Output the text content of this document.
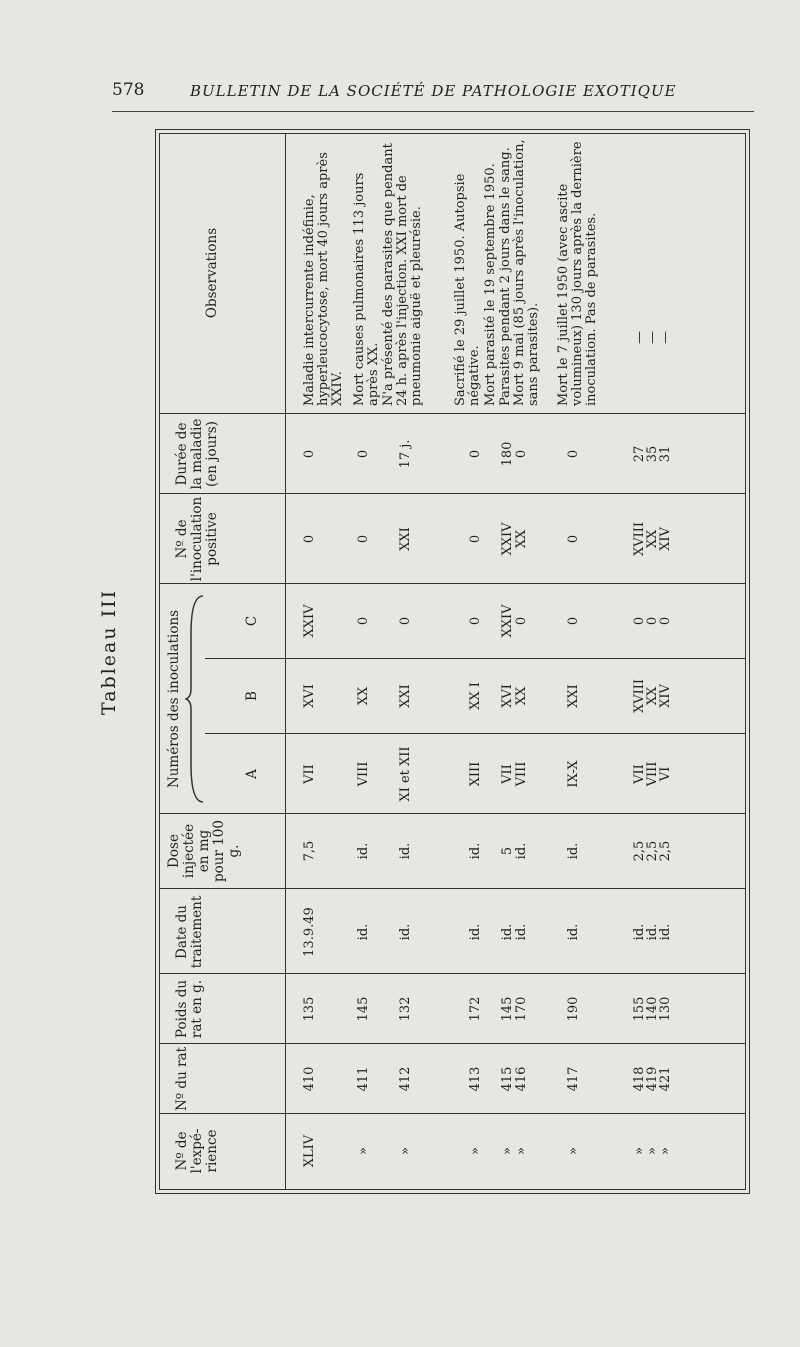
578	BULLETIN DE LA SOCIÉTÉ DE PATHOLOGIE EXOTIQUE
Tableau III
Nº de l'expé-rience
Nº du rat
Poids du rat en g.
Date du traitement
Dose injectée en mg pour 100 g.
Numéros des inoculations	A
B
C
Nº de l'inoculation positive
Durée de la maladie (en jours)
Observations
XLIV
410
135
13.9.49
7,5
VII
XVI
XXIV
0
0
Maladie intercurrente indéfinie, hyperleucocytose, mort 40 jours après XXIV.
»
411
145
id.
id.
VIII
XX
0
0
0
Mort causes pulmonaires 113 jours après XX.
»
412
132
id.
id.
XI et XII
XXI
0
XXI
17 j.
N'a présenté des parasites que pendant 24 h. après l'injection. XXI mort de pneumonie aiguë et pleurésie.
»
413
172
id.
id.
XIII
XX I
0
0
0
Sacrifié le 29 juillet 1950. Autopsie négative.
»
415
145
id.
5
VII
XVI
XXIV
XXIV
180
Mort parasité le 19 septembre 1950.
»
416
170
id.
id.
VIII
XX
0
XX
0
Parasites pendant 2 jours dans le sang. Mort 9 mai (85 jours après l'inoculation, sans parasites).
»
417
190
id.
id.
IX-X
XXI
0
0
0
Mort le 7 juillet 1950 (avec ascite volumineux) 130 jours après la dernière inoculation. Pas de parasites.
»
418
155
id.
2,5
VII
XVIII
0
XVIII
27
—
»
419
140
id.
2,5
VIII
XX
0
XX
35
—
»
421
130
id.
2,5
VI
XIV
0
XIV
31
—
